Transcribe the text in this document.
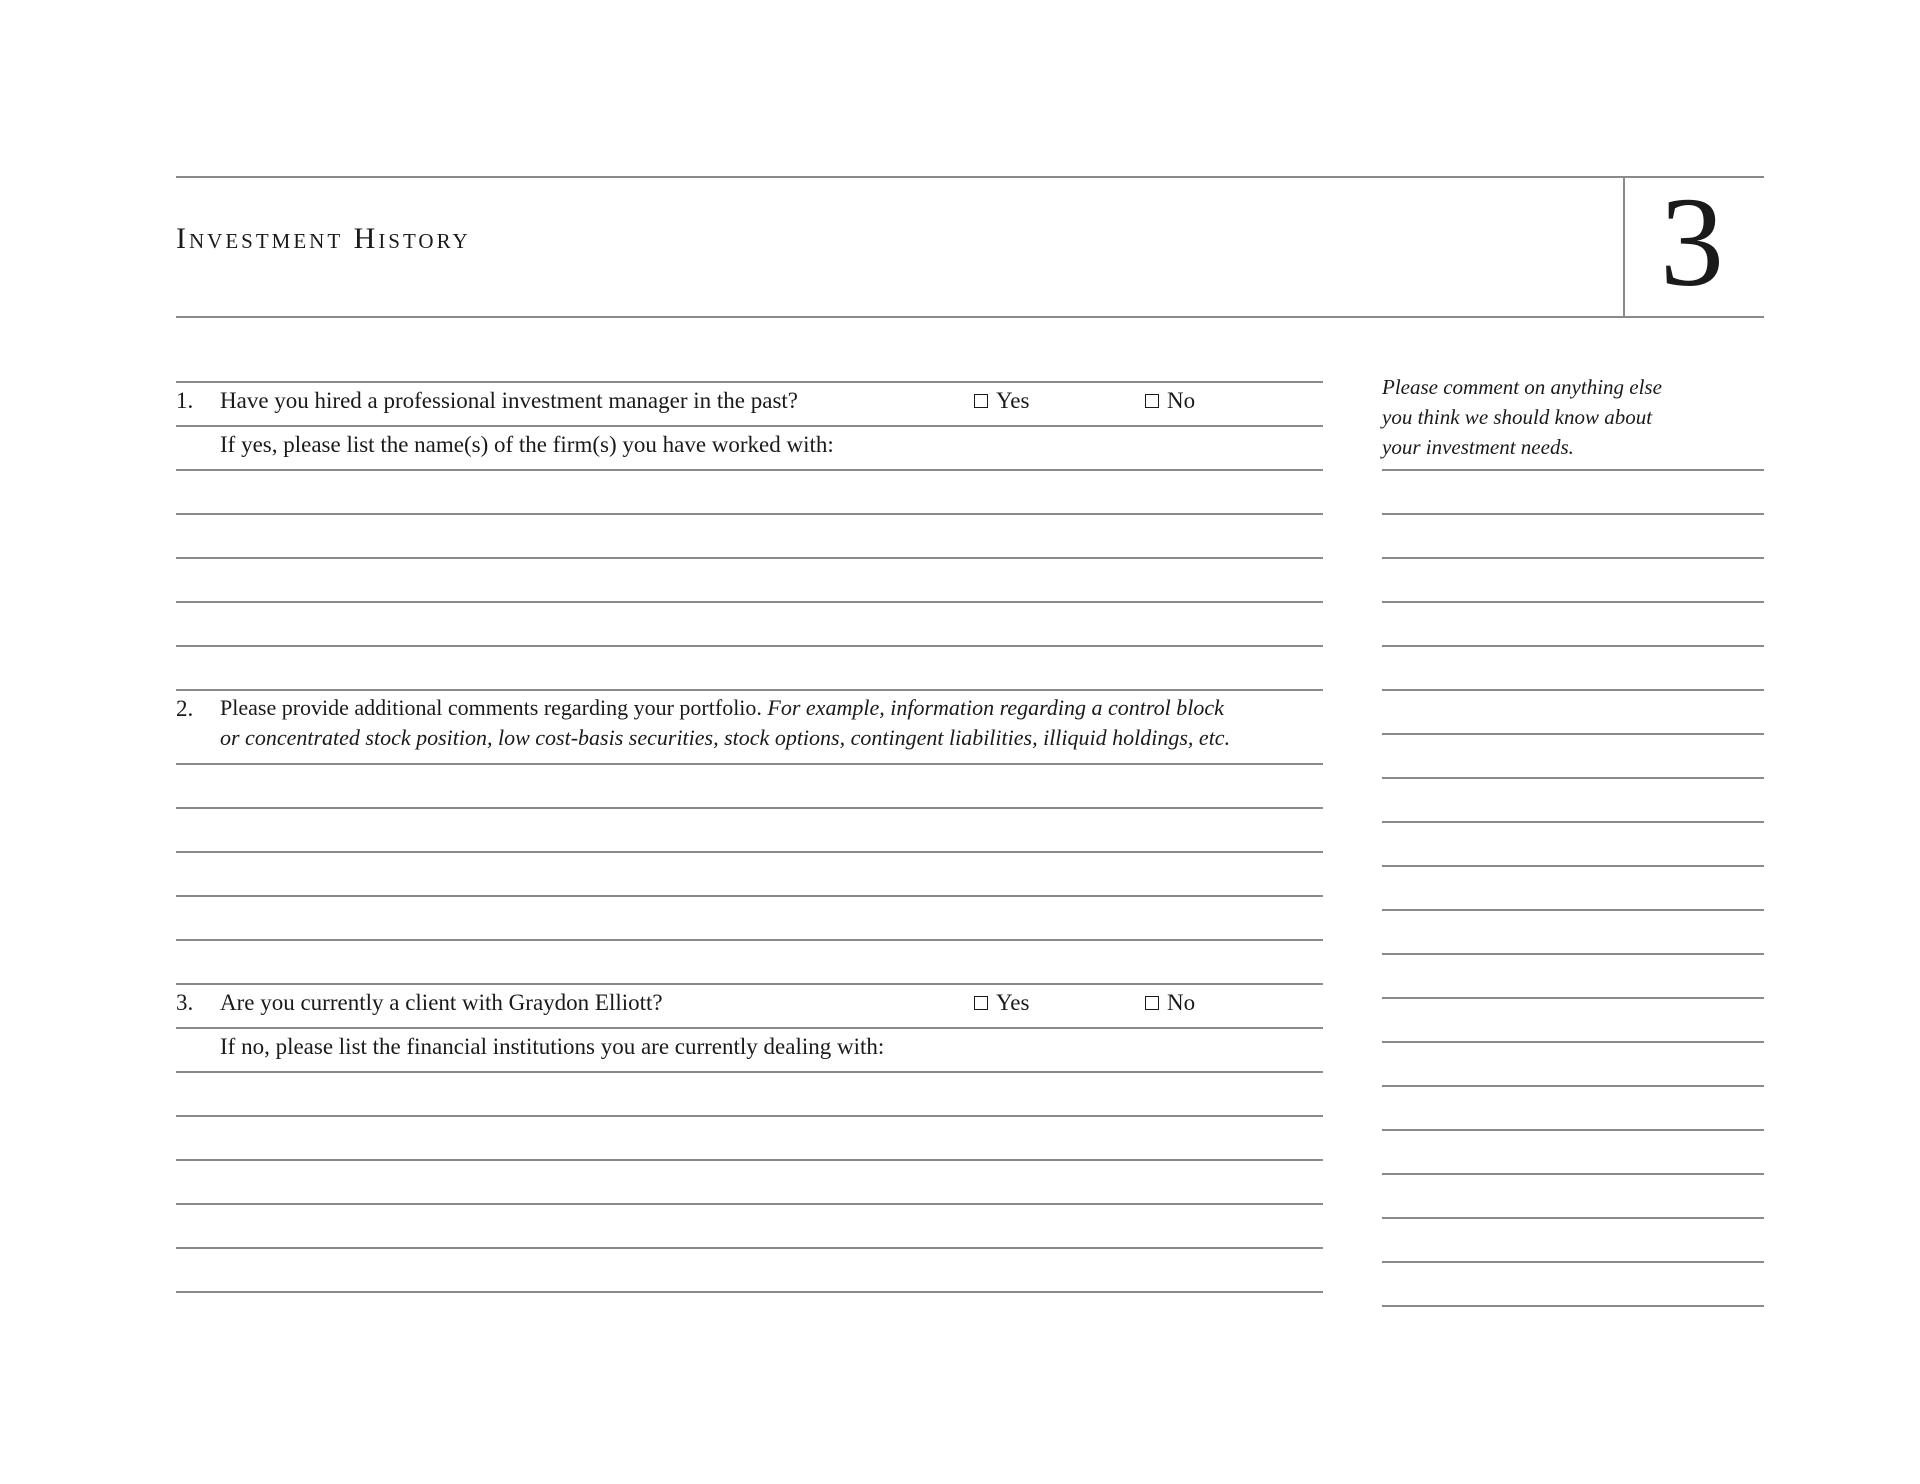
Investment History	3
1. Have you hired a professional investment manager in the past?	Yes	No
If yes, please list the name(s) of the firm(s) you have worked with:
2. Please provide additional comments regarding your portfolio. For example, information regarding a control block
or concentrated stock position, low cost-basis securities, stock options, contingent liabilities, illiquid holdings, etc.
3. Are you currently a client with Graydon Elliott?	Yes	No
If no, please list the financial institutions you are currently dealing with:
Please comment on anything else
you think we should know about
your investment needs.
